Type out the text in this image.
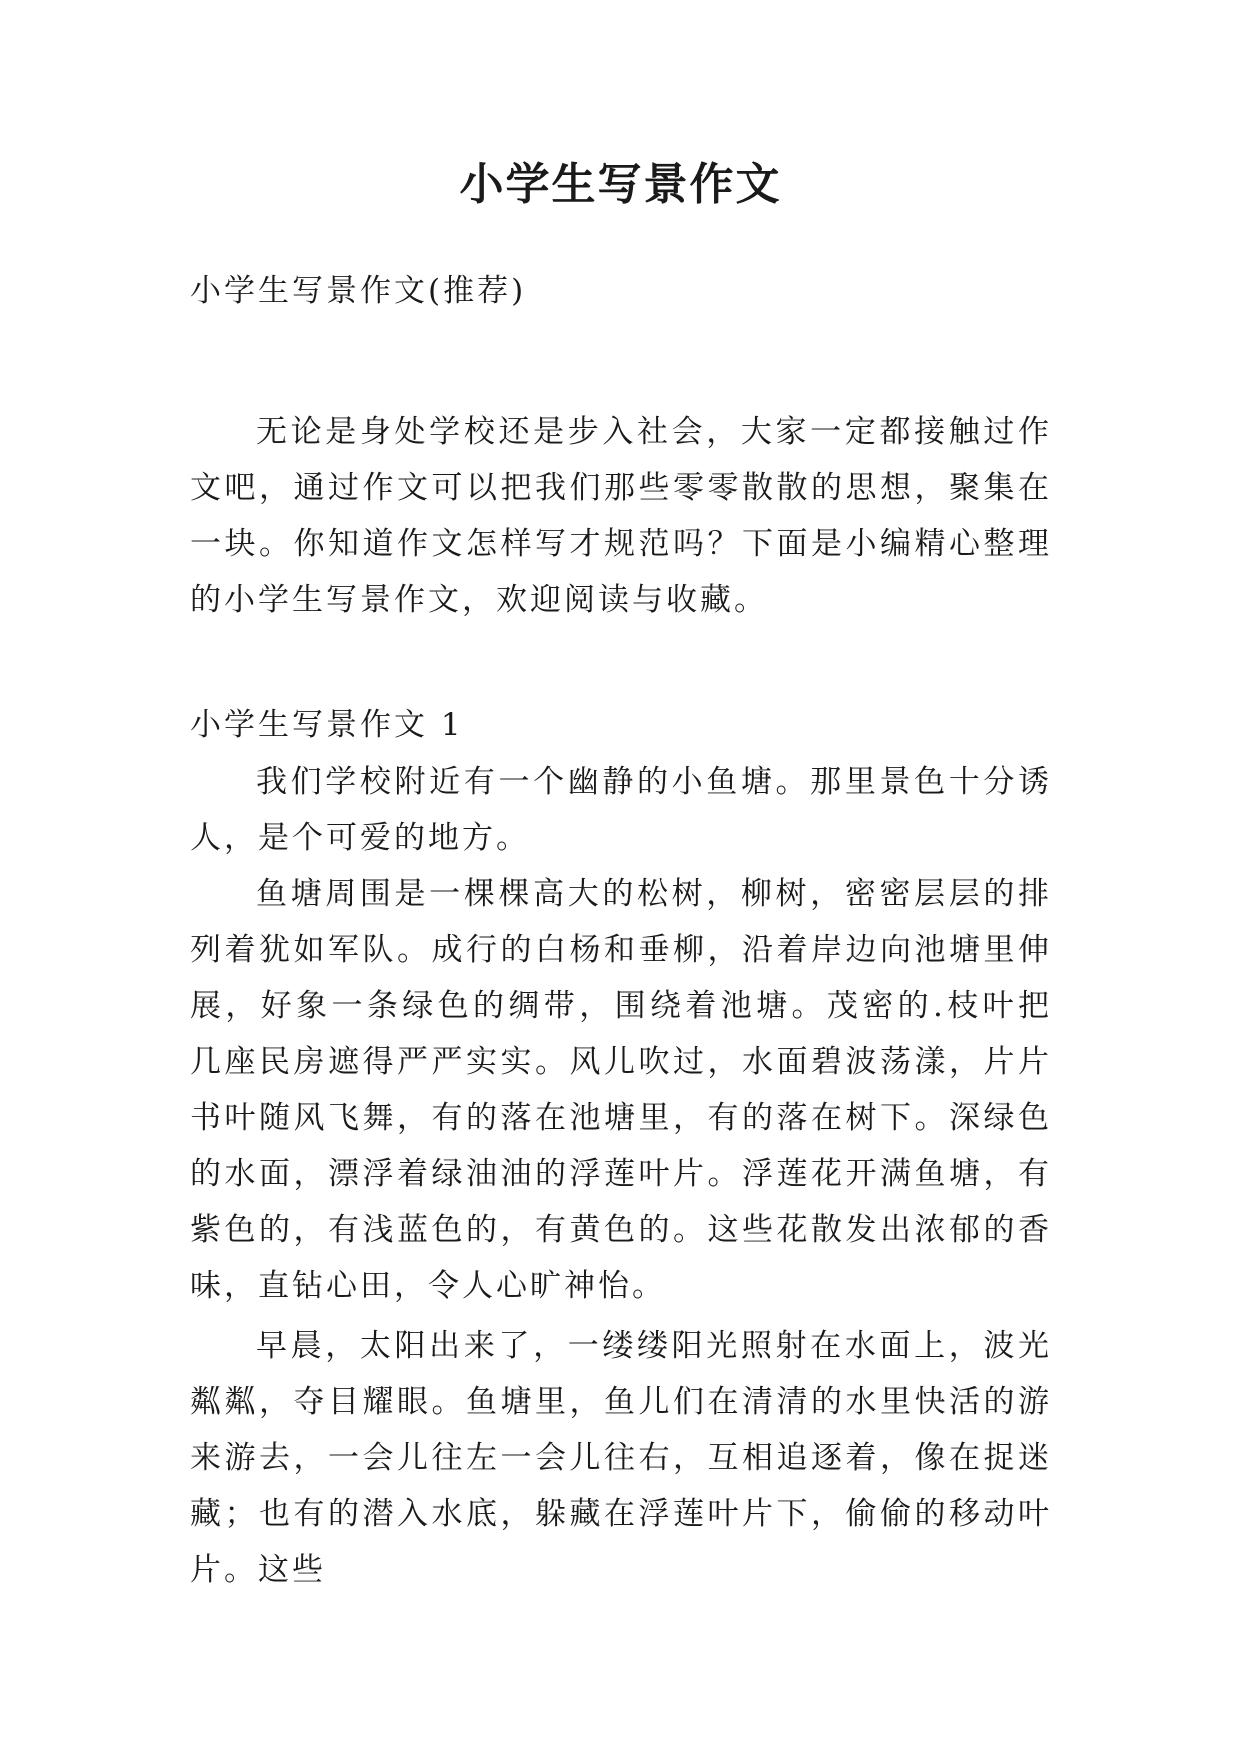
小学生写景作文
小学生写景作文(推荐)
无论是身处学校还是步入社会，大家一定都接触过作文吧，通过作文可以把我们那些零零散散的思想，聚集在一块。你知道作文怎样写才规范吗？下面是小编精心整理的小学生写景作文，欢迎阅读与收藏。
小学生写景作文 1
我们学校附近有一个幽静的小鱼塘。那里景色十分诱人，是个可爱的地方。
鱼塘周围是一棵棵高大的松树，柳树，密密层层的排列着犹如军队。成行的白杨和垂柳，沿着岸边向池塘里伸展，好象一条绿色的绸带，围绕着池塘。茂密的.枝叶把几座民房遮得严严实实。风儿吹过，水面碧波荡漾，片片书叶随风飞舞，有的落在池塘里，有的落在树下。深绿色的水面，漂浮着绿油油的浮莲叶片。浮莲花开满鱼塘，有紫色的，有浅蓝色的，有黄色的。这些花散发出浓郁的香味，直钻心田，令人心旷神怡。
早晨，太阳出来了，一缕缕阳光照射在水面上，波光粼粼，夺目耀眼。鱼塘里，鱼儿们在清清的水里快活的游来游去，一会儿往左一会儿往右，互相追逐着，像在捉迷藏；也有的潜入水底，躲藏在浮莲叶片下，偷偷的移动叶片。这些
